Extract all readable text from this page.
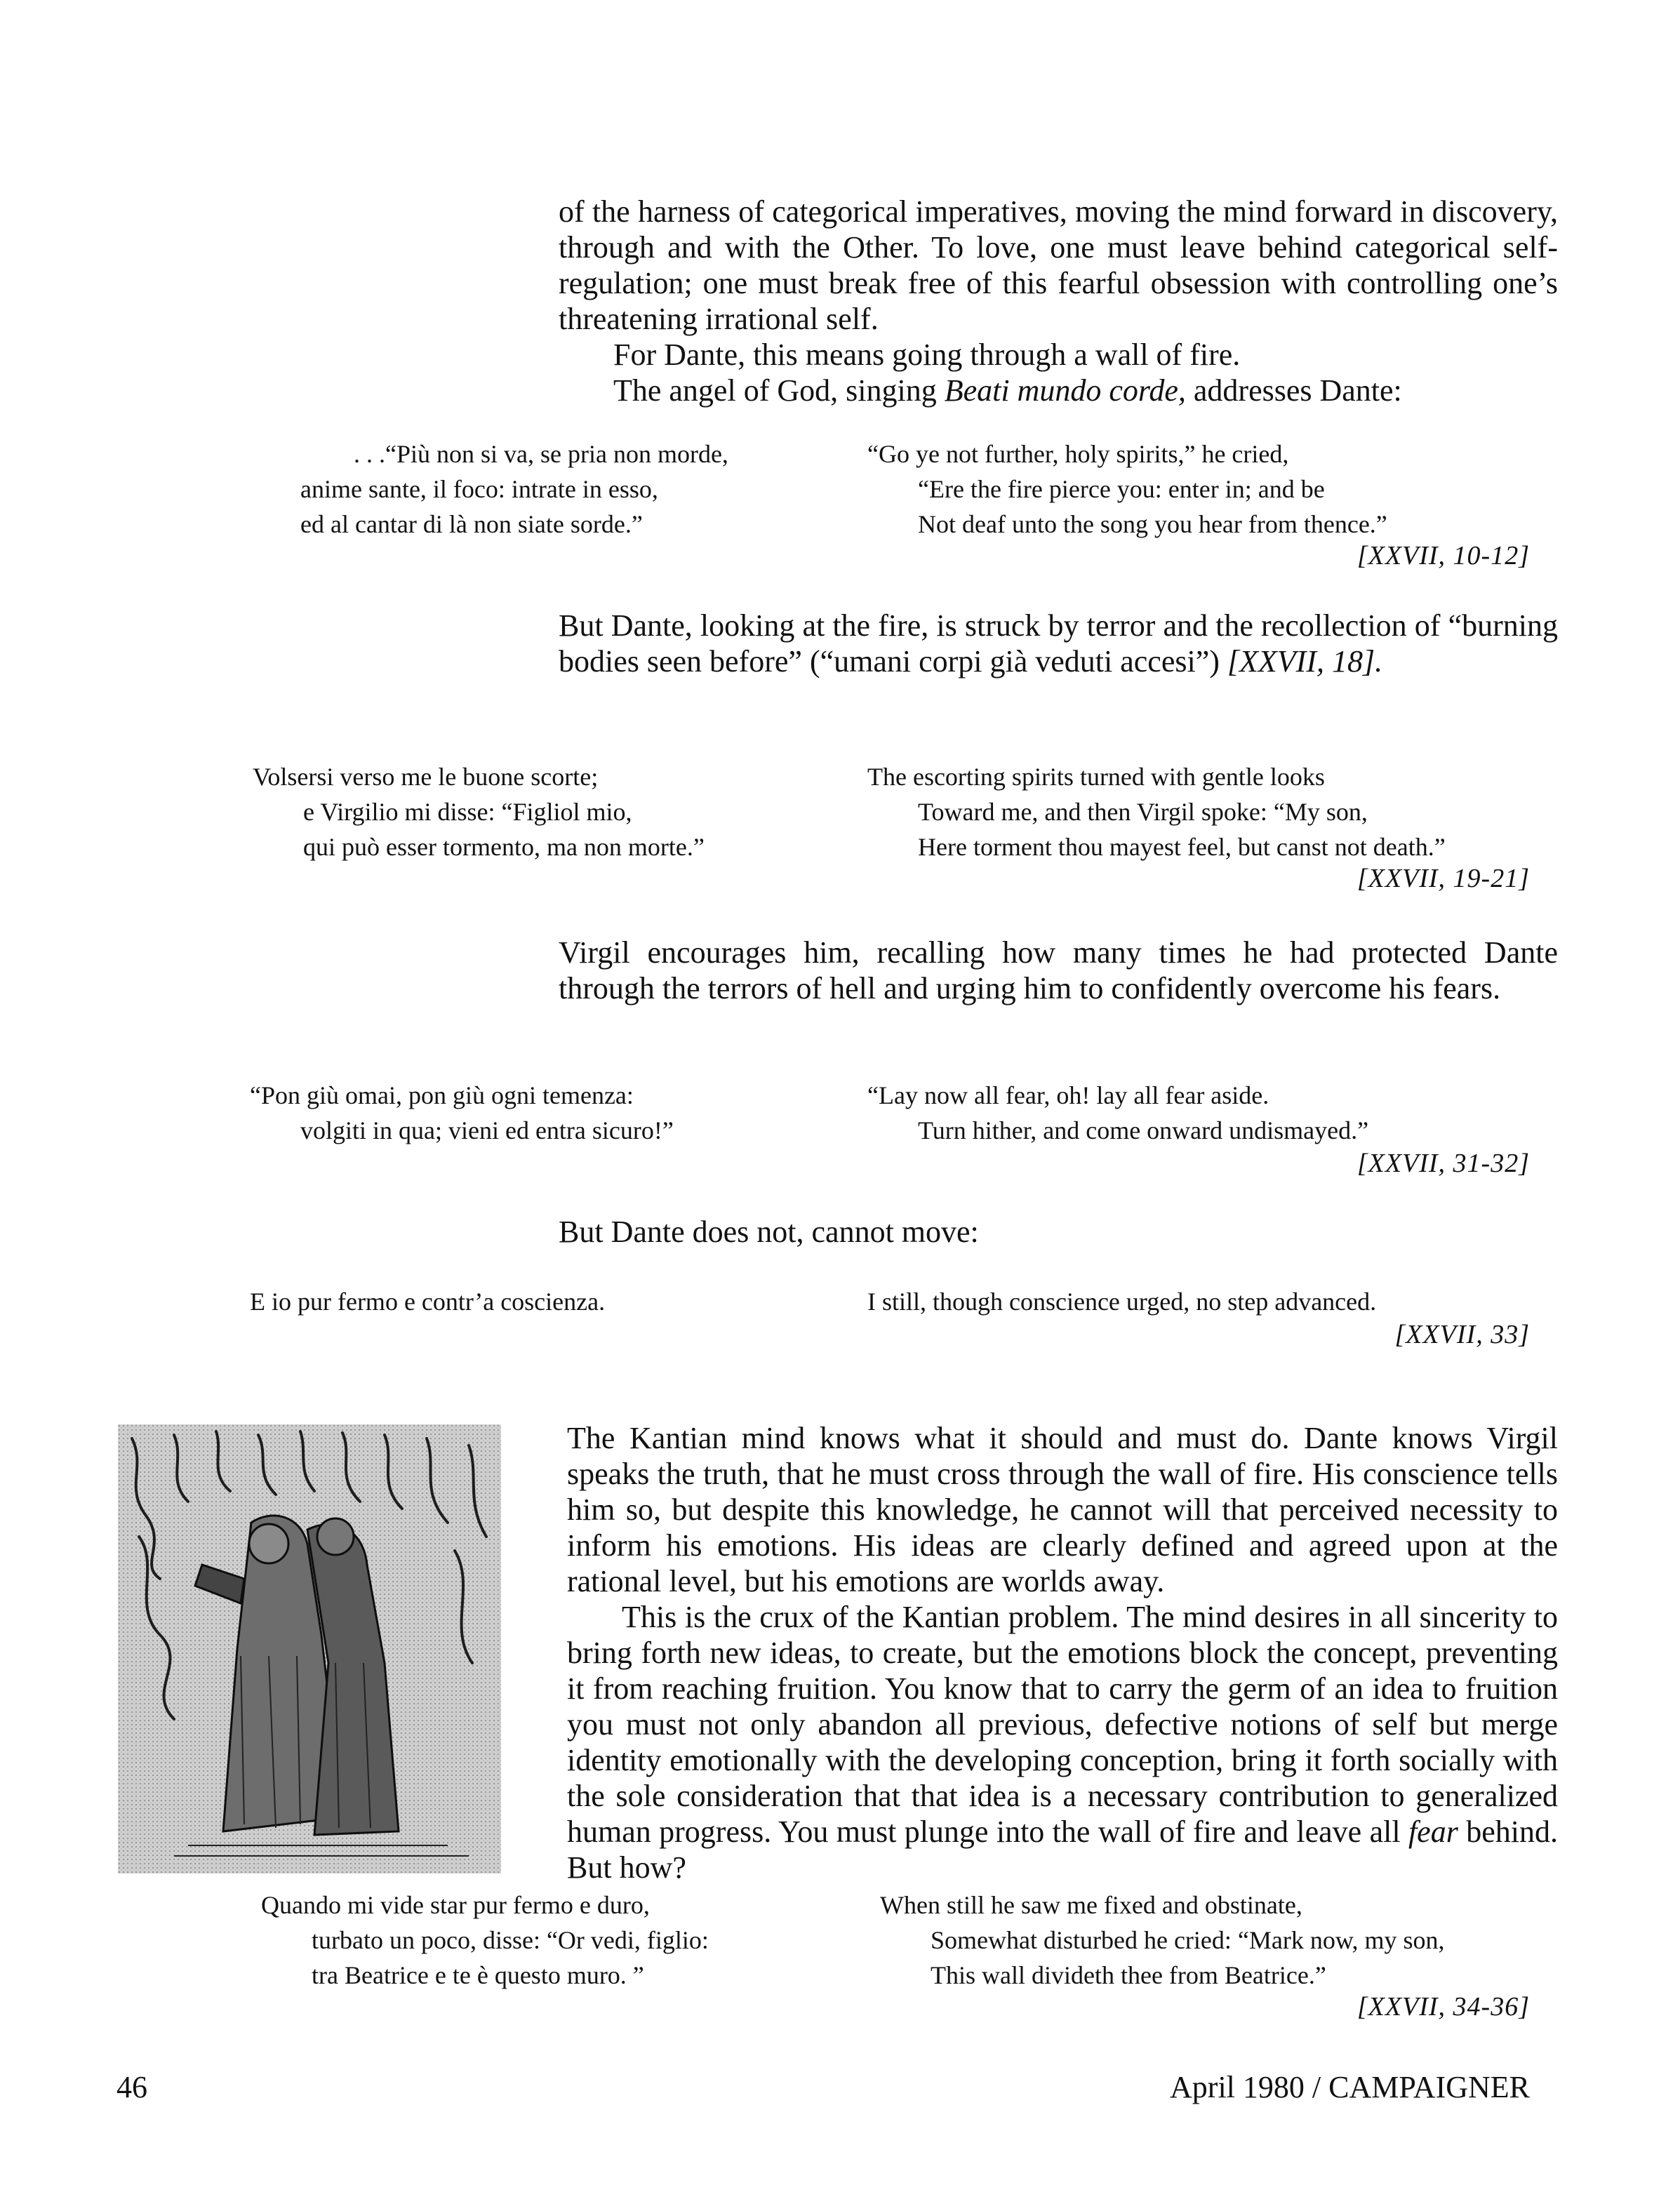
of the harness of categorical imperatives, moving the mind forward in discovery, through and with the Other. To love, one must leave behind categorical self-regulation; one must break free of this fearful obsession with controlling one’s threatening irrational self.

For Dante, this means going through a wall of fire.

The angel of God, singing Beati mundo corde, addresses Dante:

. . .“Più non si va, se pria non morde,
anime sante, il foco: intrate in esso,
ed al cantar di là non siate sorde.”
“Go ye not further, holy spirits,” he cried,
“Ere the fire pierce you: enter in; and be
Not deaf unto the song you hear from thence.”
[XXVII, 10-12]

But Dante, looking at the fire, is struck by terror and the recollection of “burning bodies seen before” (“umani corpi già veduti accesi”) [XXVII, 18].

Volsersi verso me le buone scorte;
e Virgilio mi disse: “Figliol mio,
qui può esser tormento, ma non morte.”
The escorting spirits turned with gentle looks
Toward me, and then Virgil spoke: “My son,
Here torment thou mayest feel, but canst not death.”
[XXVII, 19-21]

Virgil encourages him, recalling how many times he had protected Dante through the terrors of hell and urging him to confidently overcome his fears.

“Pon giù omai, pon giù ogni temenza:
volgiti in qua; vieni ed entra sicuro!”
“Lay now all fear, oh! lay all fear aside.
Turn hither, and come onward undismayed.”
[XXVII, 31-32]

But Dante does not, cannot move:

E io pur fermo e contr’a coscienza.	I still, though conscience urged, no step advanced.
[XXVII, 33]

The Kantian mind knows what it should and must do. Dante knows Virgil speaks the truth, that he must cross through the wall of fire. His conscience tells him so, but despite this knowledge, he cannot will that perceived necessity to inform his emotions. His ideas are clearly defined and agreed upon at the rational level, but his emotions are worlds away.

This is the crux of the Kantian problem. The mind desires in all sincerity to bring forth new ideas, to create, but the emotions block the concept, preventing it from reaching fruition. You know that to carry the germ of an idea to fruition you must not only abandon all previous, defective notions of self but merge identity emotionally with the developing conception, bring it forth socially with the sole consideration that that idea is a necessary contribution to generalized human progress. You must plunge into the wall of fire and leave all fear behind. But how?

Quando mi vide star pur fermo e duro,
turbato un poco, disse: “Or vedi, figlio:
tra Beatrice e te è questo muro. ”
When still he saw me fixed and obstinate,
Somewhat disturbed he cried: “Mark now, my son,
This wall divideth thee from Beatrice.”
[XXVII, 34-36]
46	April 1980 / CAMPAIGNER
